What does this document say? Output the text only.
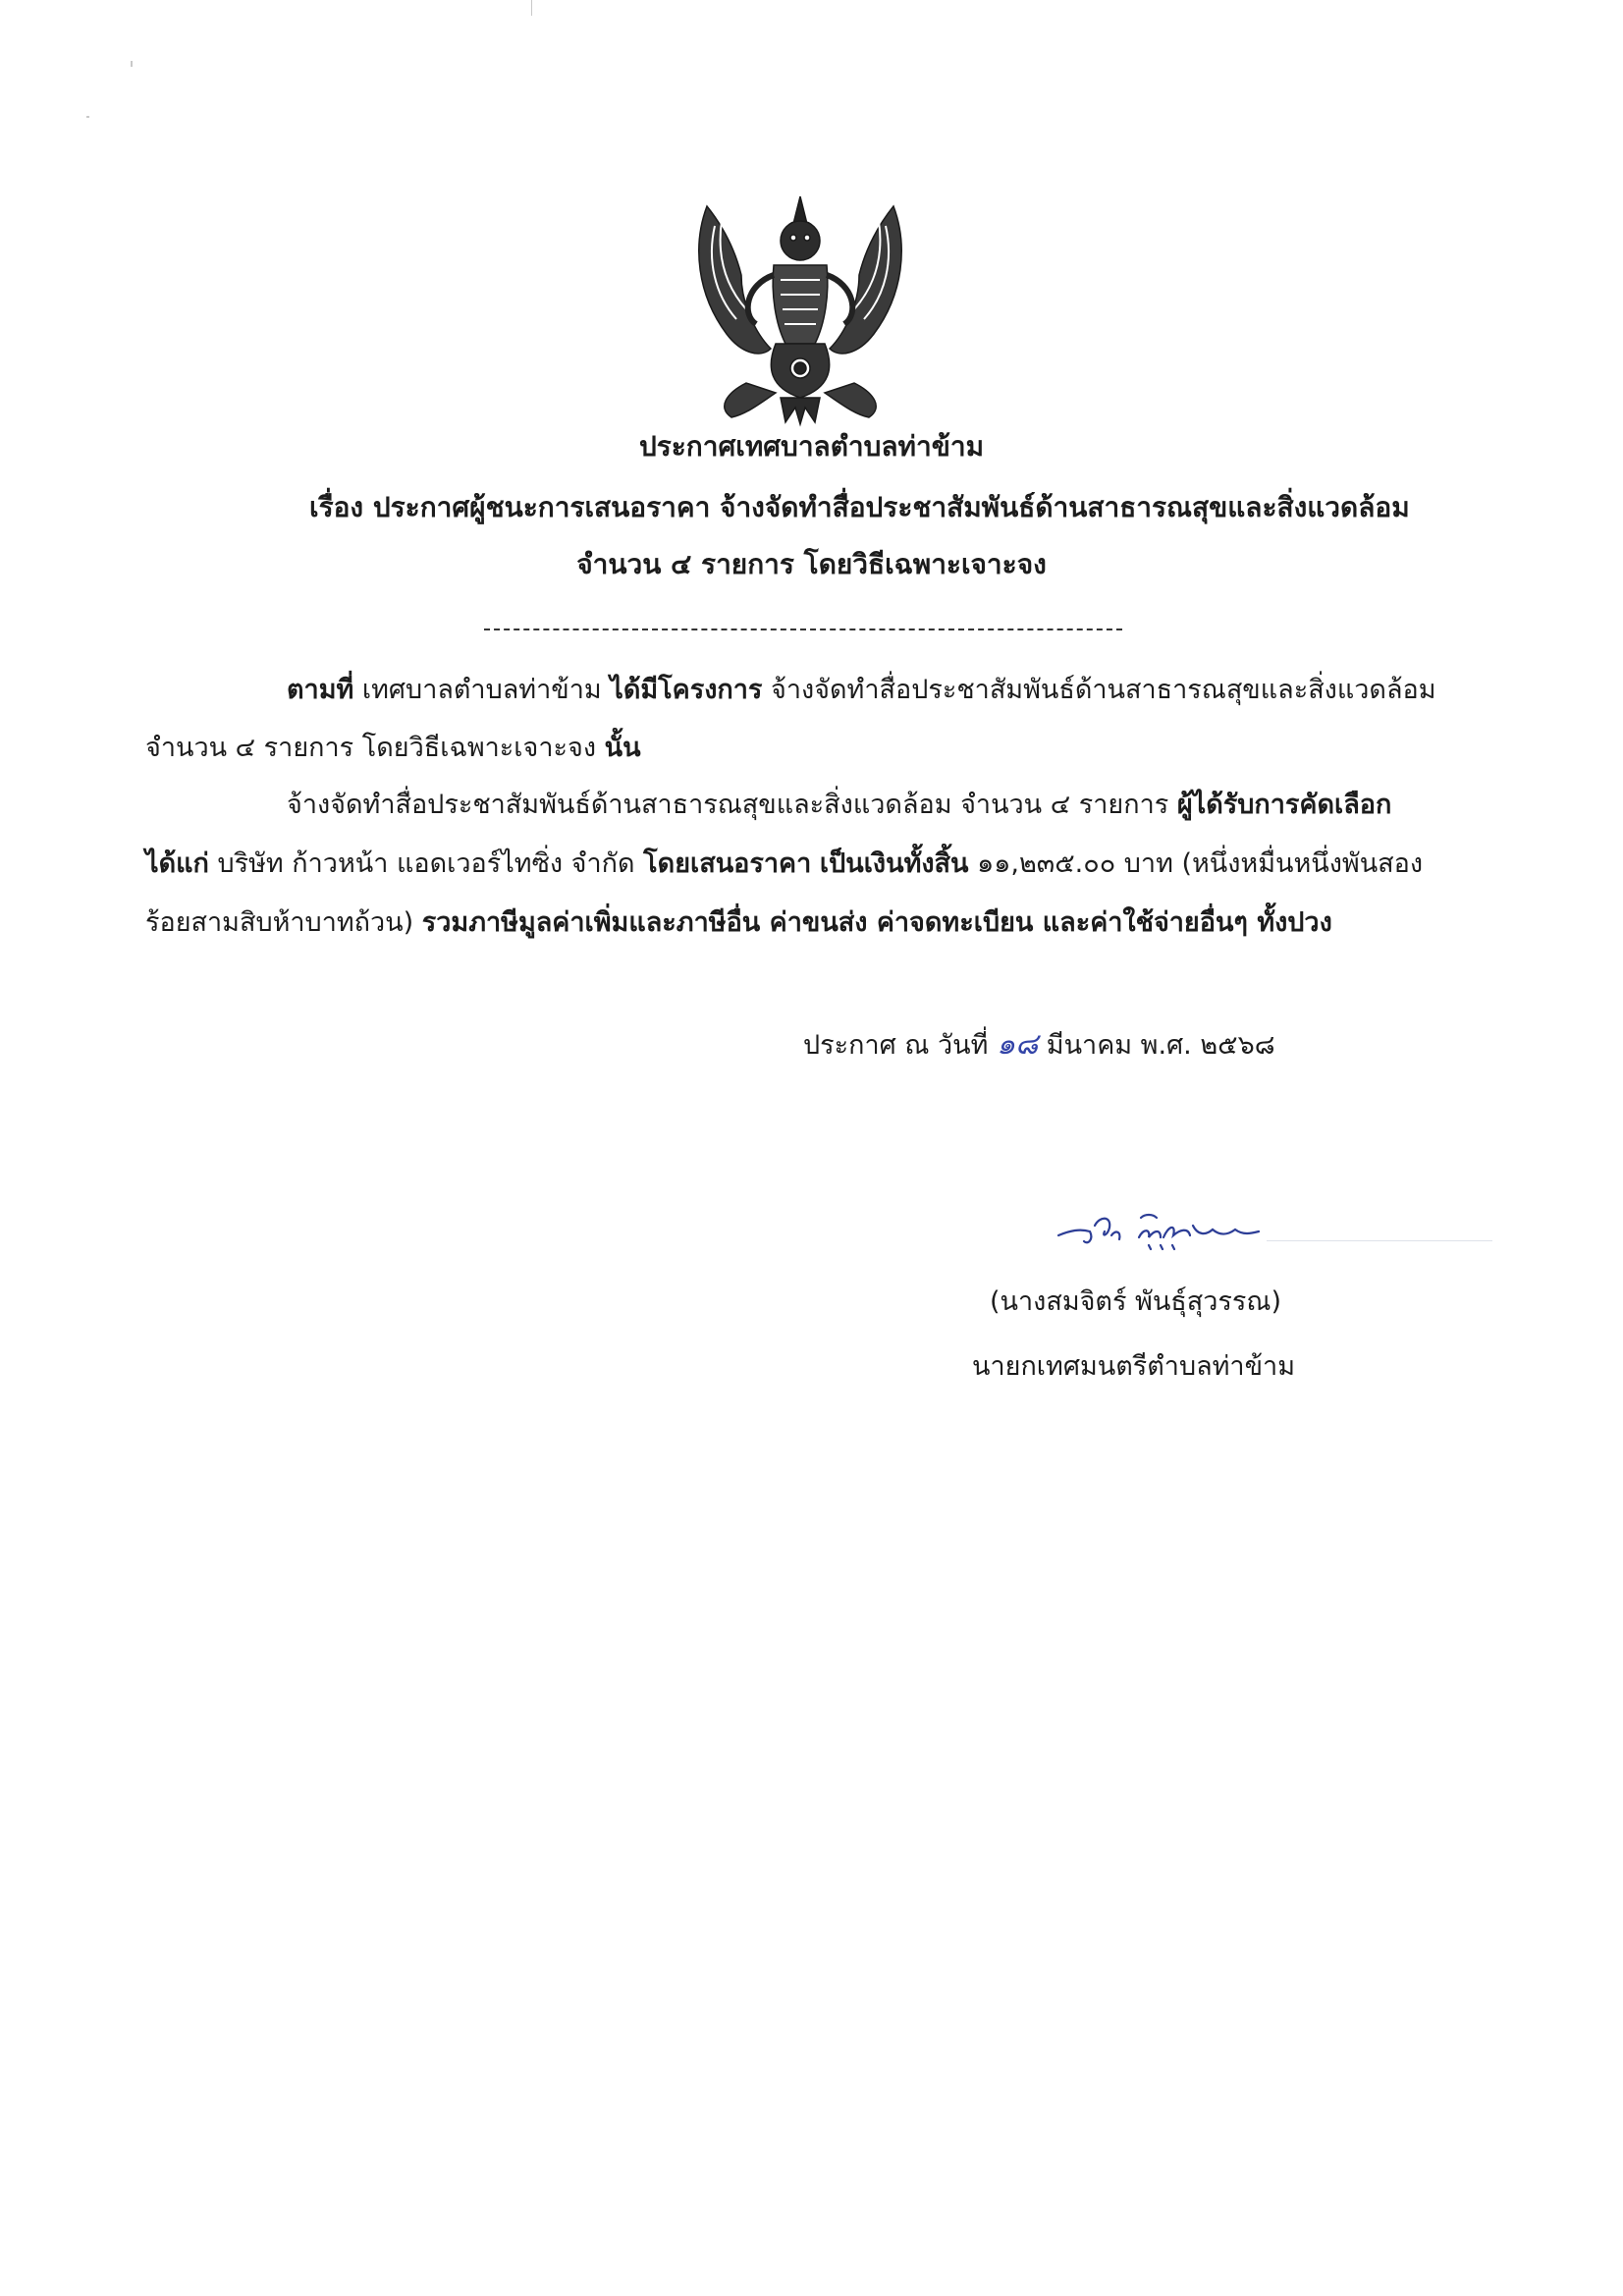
ประกาศเทศบาลตำบลท่าข้าม
เรื่อง ประกาศผู้ชนะการเสนอราคา จ้างจัดทำสื่อประชาสัมพันธ์ด้านสาธารณสุขและสิ่งแวดล้อม
จำนวน ๔ รายการ โดยวิธีเฉพาะเจาะจง
ตามที่ เทศบาลตำบลท่าข้าม ได้มีโครงการ จ้างจัดทำสื่อประชาสัมพันธ์ด้านสาธารณสุขและสิ่งแวดล้อม
จำนวน ๔ รายการ โดยวิธีเฉพาะเจาะจง นั้น
จ้างจัดทำสื่อประชาสัมพันธ์ด้านสาธารณสุขและสิ่งแวดล้อม จำนวน ๔ รายการ ผู้ได้รับการคัดเลือก
ได้แก่ บริษัท ก้าวหน้า แอดเวอร์ไทซิ่ง จำกัด โดยเสนอราคา เป็นเงินทั้งสิ้น ๑๑,๒๓๕.๐๐ บาท (หนึ่งหมื่นหนึ่งพันสอง
ร้อยสามสิบห้าบาทถ้วน) รวมภาษีมูลค่าเพิ่มและภาษีอื่น ค่าขนส่ง ค่าจดทะเบียน และค่าใช้จ่ายอื่นๆ ทั้งปวง
ประกาศ ณ วันที่ ๑๘ มีนาคม พ.ศ. ๒๕๖๘
(นางสมจิตร์ พันธุ์สุวรรณ)
นายกเทศมนตรีตำบลท่าข้าม
